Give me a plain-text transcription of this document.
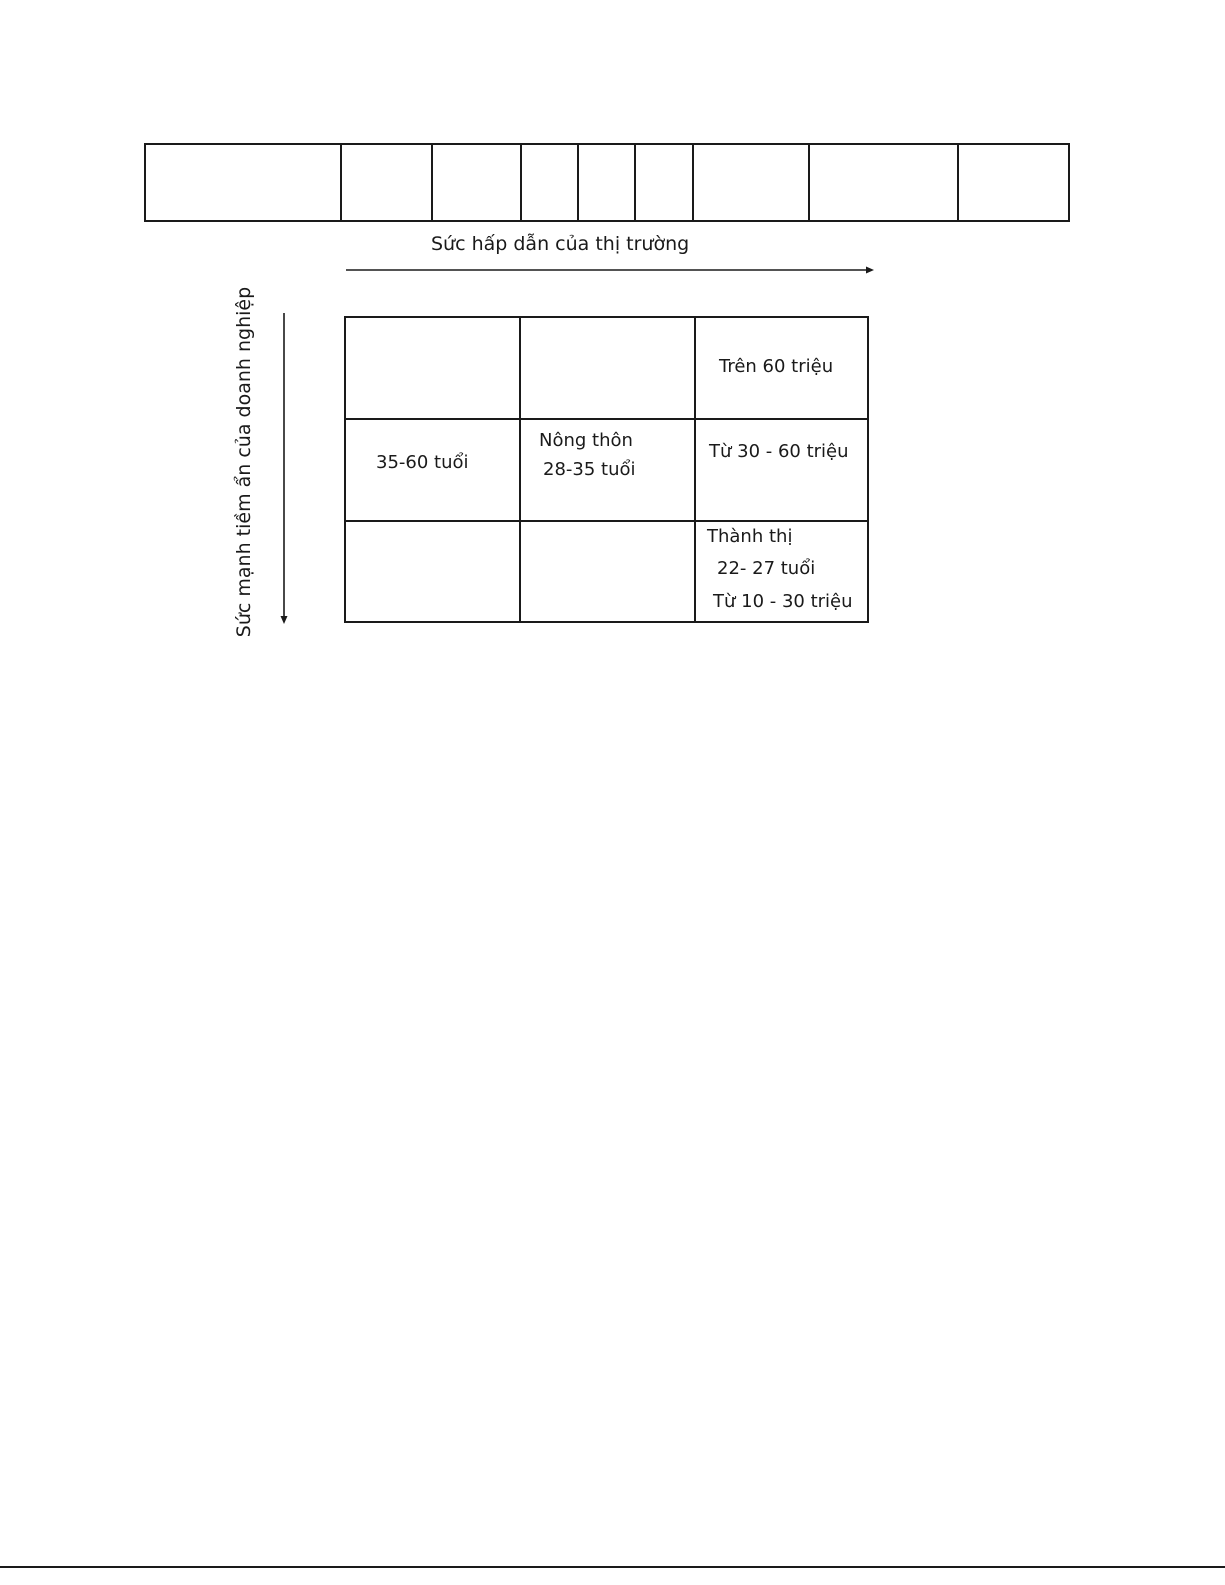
Sức hấp dẫn của thị trường
Sức mạnh tiềm ẩn của doanh nghiệp	Trên 60 triệu
35-60 tuổi
Nông thôn
28-35 tuổi
Từ 30 - 60 triệu
Thành thị
22- 27 tuổi
Từ 10 - 30 triệu
